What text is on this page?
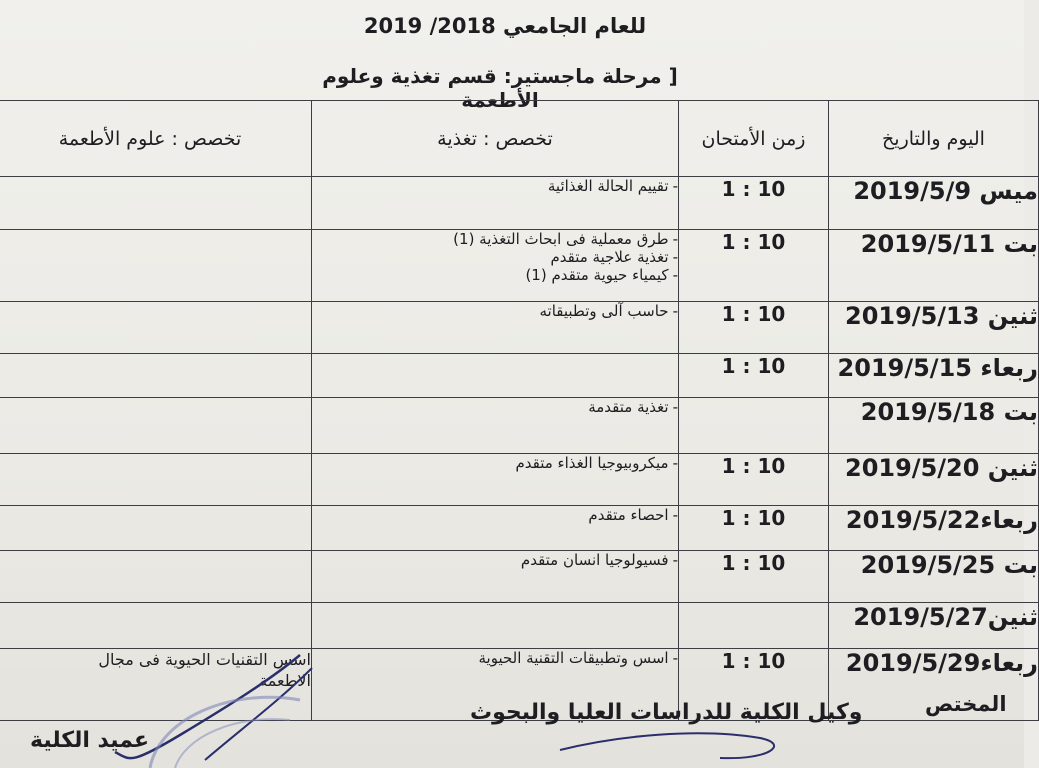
للعام الجامعي 2018/ 2019
[ مرحلة ماجستير: قسم تغذية وعلوم الأطعمة
اليوم والتاريخ	زمن الأمتحان	تخصص : تغذية	تخصص : علوم الأطعمة
ميس 2019/5/9	1 : 10	-تقييم الحالة الغذائية	

بت 2019/5/11	1 : 10	-طرق معملية فى ابحاث التغذية (1)
-تغذية علاجية متقدم
-كيمياء حيوية متقدم (1)	

ثنين 2019/5/13	1 : 10	-حاسب آلى وتطبيقاته	

ربعاء 2019/5/15	1 : 10		
بت 2019/5/18		-تغذية متقدمة	

ثنين 2019/5/20	1 : 10	-ميكروبيوجيا الغذاء متقدم	

ربعاء2019/5/22	1 : 10	-احصاء متقدم	

بت 2019/5/25	1 : 10	-فسيولوجيا انسان متقدم	

ثنين2019/5/27			
ربعاء2019/5/29	1 : 10	-اسس وتطبيقات التقنية الحيوية	اسس التقنيات الحيوية فى مجال
الاطعمة
عميد الكلية
وكيل الكلية للدراسات العليا والبحوث	المختص
